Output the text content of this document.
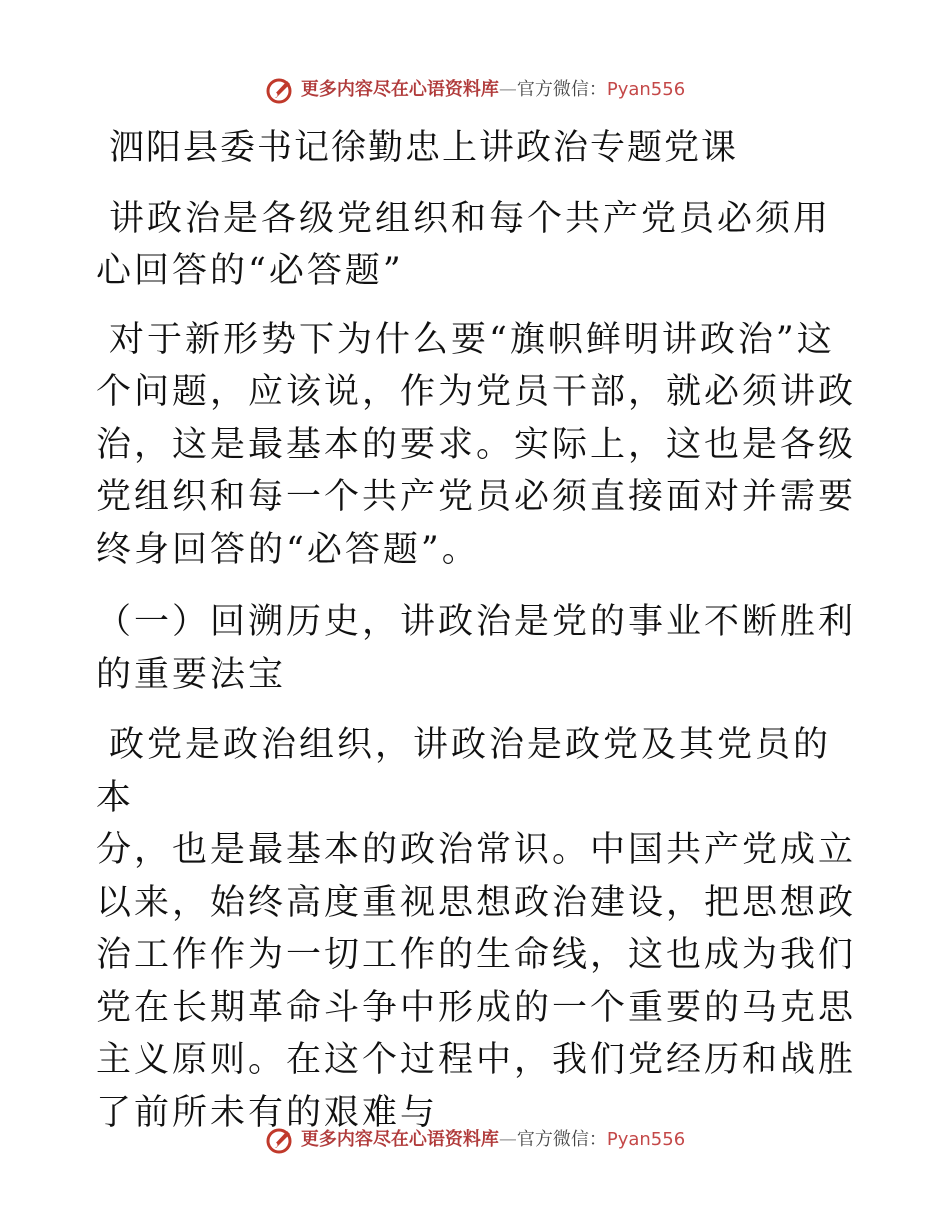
更多内容尽在心语资料库—官方微信：Pyan556

泗阳县委书记徐勤忠上讲政治专题党课

讲政治是各级党组织和每个共产党员必须用心回答的“必答题”

对于新形势下为什么要“旗帜鲜明讲政治”这个问题，应该说，作为党员干部，就必须讲政治，这是最基本的要求。实际上，这也是各级党组织和每一个共产党员必须直接面对并需要终身回答的“必答题”。

（一）回溯历史，讲政治是党的事业不断胜利的重要法宝

政党是政治组织，讲政治是政党及其党员的本

分，也是最基本的政治常识。中国共产党成立以来，始终高度重视思想政治建设，把思想政治工作作为一切工作的生命线，这也成为我们党在长期革命斗争中形成的一个重要的马克思主义原则。在这个过程中，我们党经历和战胜了前所未有的艰难与

更多内容尽在心语资料库—官方微信：Pyan556
